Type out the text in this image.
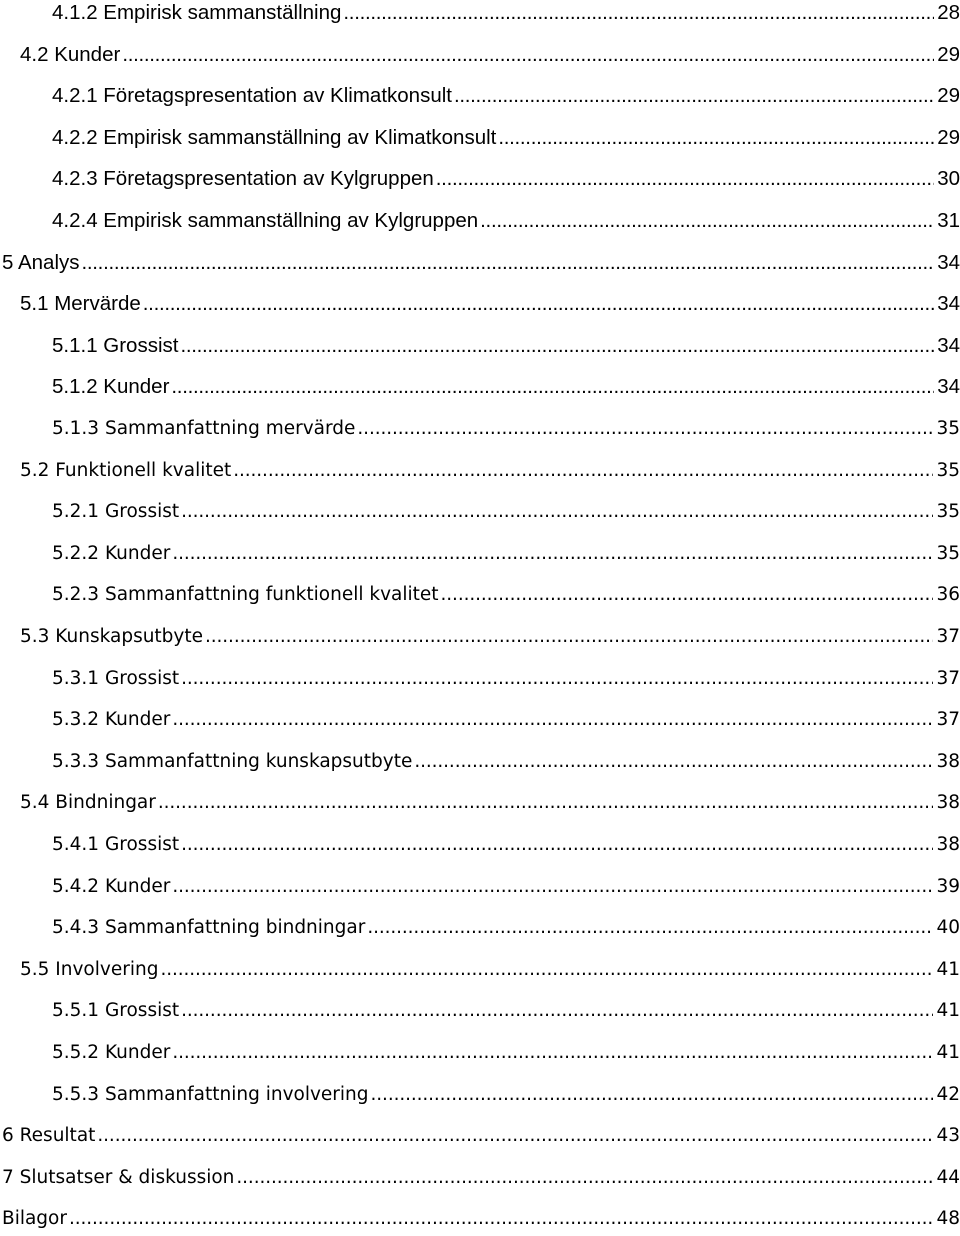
4.1.2 Empirisk sammanställning . . .	28
4.2 Kunder . . .	29
4.2.1 Företagspresentation av Klimatkonsult . . .	29
4.2.2 Empirisk sammanställning av Klimatkonsult . . .	29
4.2.3 Företagspresentation av Kylgruppen . . .	30
4.2.4 Empirisk sammanställning av Kylgruppen . . .	31
5 Analys . . .	34
5.1 Mervärde . . .	34
5.1.1 Grossist . . .	34
5.1.2 Kunder . . .	34
5.1.3 Sammanfattning mervärde . . .	35
5.2 Funktionell kvalitet . . .	35
5.2.1 Grossist . . .	35
5.2.2 Kunder . . .	35
5.2.3 Sammanfattning funktionell kvalitet . . .	36
5.3 Kunskapsutbyte . . .	37
5.3.1 Grossist . . .	37
5.3.2 Kunder . . .	37
5.3.3 Sammanfattning kunskapsutbyte . . .	38
5.4 Bindningar . . .	38
5.4.1 Grossist . . .	38
5.4.2 Kunder . . .	39
5.4.3 Sammanfattning bindningar . . .	40
5.5 Involvering . . .	41
5.5.1 Grossist . . .	41
5.5.2 Kunder . . .	41
5.5.3 Sammanfattning involvering . . .	42
6 Resultat . . .	43
7 Slutsatser & diskussion . . .	44
Bilagor . . .	48
